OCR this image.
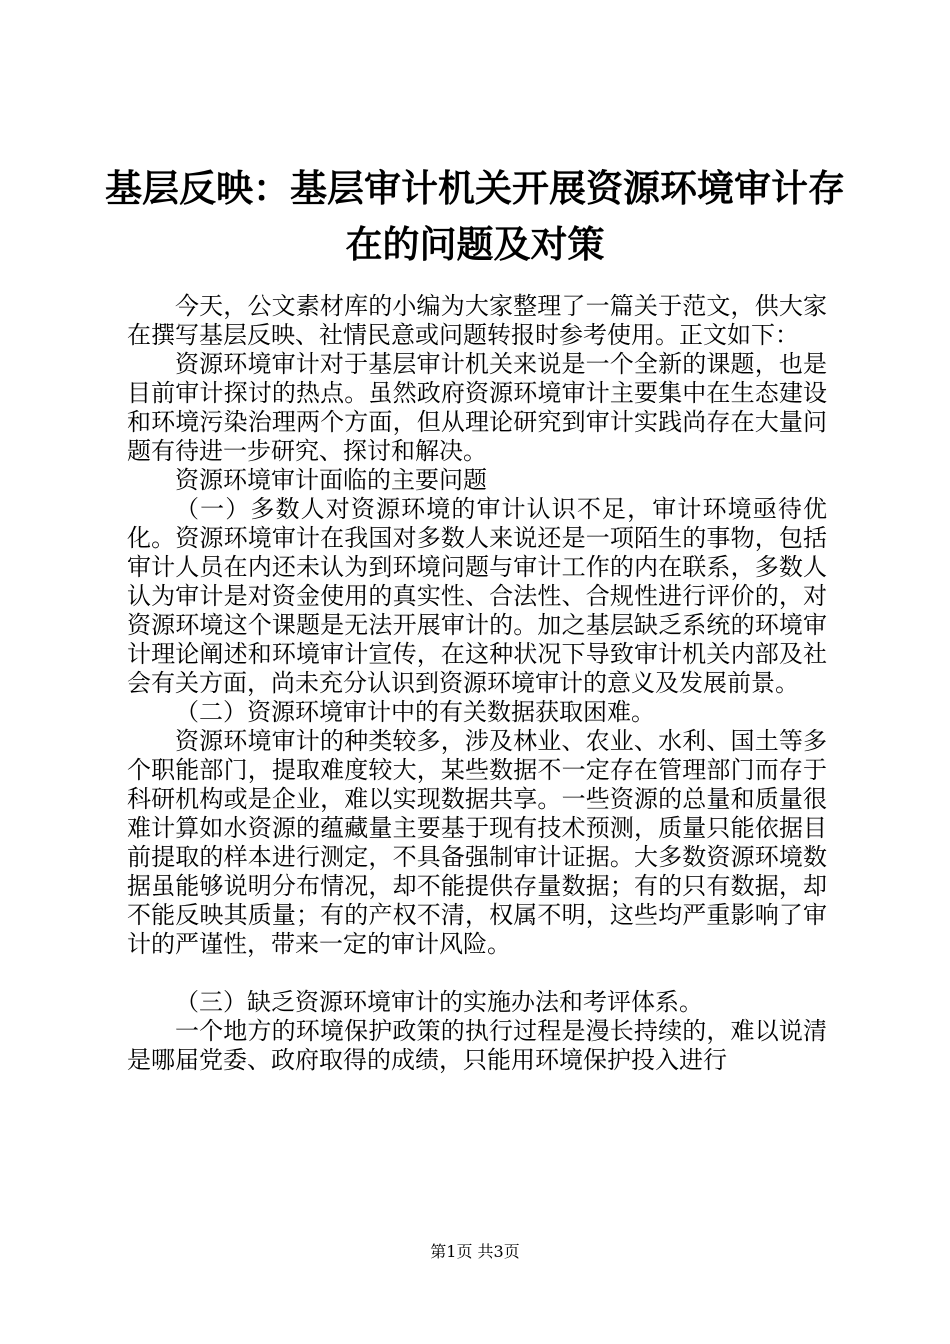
基层反映：基层审计机关开展资源环境审计存
在的问题及对策

今天，公文素材库的小编为大家整理了一篇关于范文，供大家在撰写基层反映、社情民意或问题转报时参考使用。正文如下：

资源环境审计对于基层审计机关来说是一个全新的课题，也是目前审计探讨的热点。虽然政府资源环境审计主要集中在生态建设和环境污染治理两个方面，但从理论研究到审计实践尚存在大量问题有待进一步研究、探讨和解决。

资源环境审计面临的主要问题

（一）多数人对资源环境的审计认识不足，审计环境亟待优化。资源环境审计在我国对多数人来说还是一项陌生的事物，包括审计人员在内还未认为到环境问题与审计工作的内在联系，多数人认为审计是对资金使用的真实性、合法性、合规性进行评价的，对资源环境这个课题是无法开展审计的。加之基层缺乏系统的环境审计理论阐述和环境审计宣传，在这种状况下导致审计机关内部及社会有关方面，尚未充分认识到资源环境审计的意义及发展前景。

（二）资源环境审计中的有关数据获取困难。

资源环境审计的种类较多，涉及林业、农业、水利、国土等多个职能部门，提取难度较大，某些数据不一定存在管理部门而存于科研机构或是企业，难以实现数据共享。一些资源的总量和质量很难计算如水资源的蕴藏量主要基于现有技术预测，质量只能依据目前提取的样本进行测定，不具备强制审计证据。大多数资源环境数据虽能够说明分布情况，却不能提供存量数据；有的只有数据，却不能反映其质量；有的产权不清，权属不明，这些均严重影响了审计的严谨性，带来一定的审计风险。

（三）缺乏资源环境审计的实施办法和考评体系。

一个地方的环境保护政策的执行过程是漫长持续的，难以说清是哪届党委、政府取得的成绩，只能用环境保护投入进行

第1页 共3页
